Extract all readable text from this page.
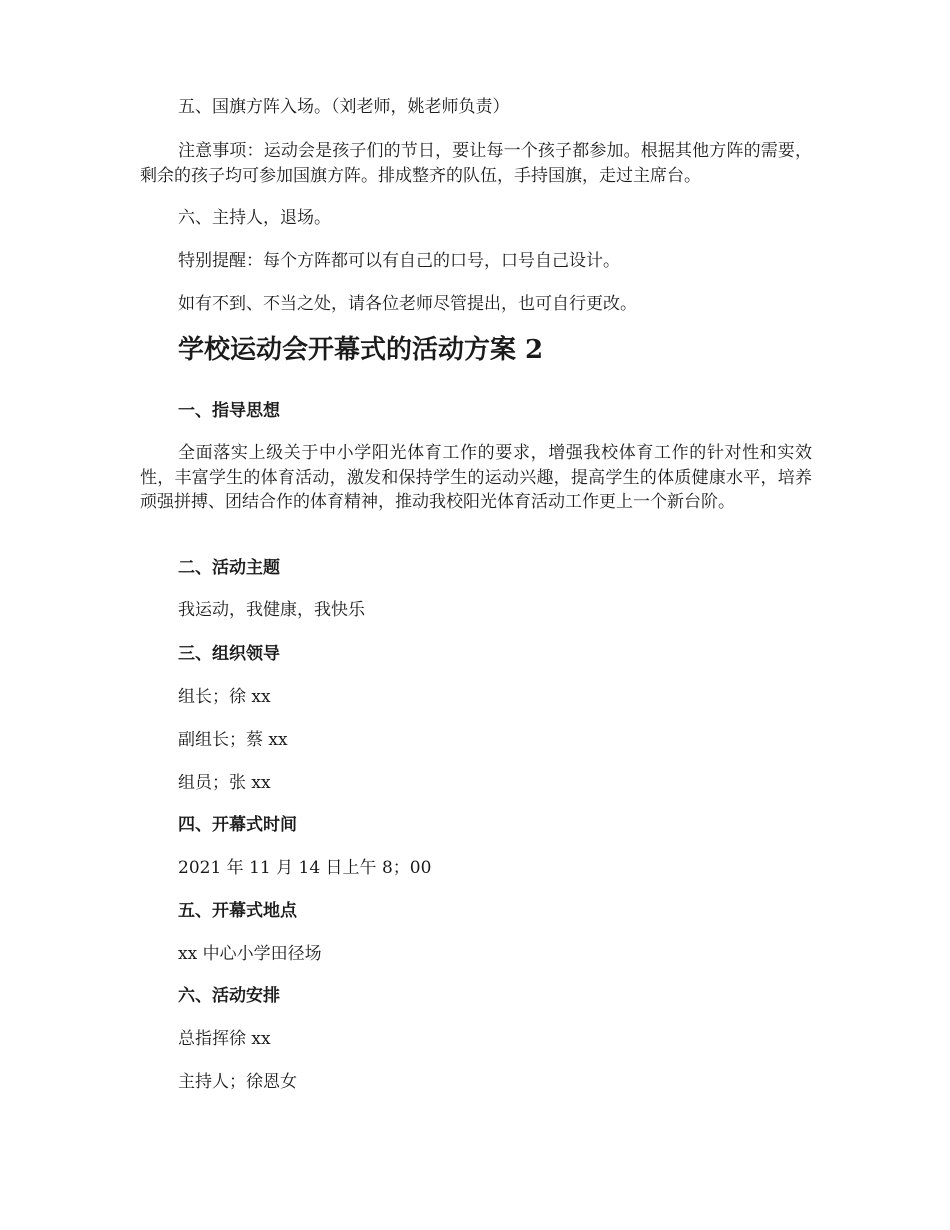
五、国旗方阵入场。（刘老师，姚老师负责）
注意事项：运动会是孩子们的节日，要让每一个孩子都参加。根据其他方阵的需要，剩余的孩子均可参加国旗方阵。排成整齐的队伍，手持国旗，走过主席台。
六、主持人，退场。
特别提醒：每个方阵都可以有自己的口号，口号自己设计。
如有不到、不当之处，请各位老师尽管提出，也可自行更改。
学校运动会开幕式的活动方案 2
一、指导思想
全面落实上级关于中小学阳光体育工作的要求，增强我校体育工作的针对性和实效性，丰富学生的体育活动，激发和保持学生的运动兴趣，提高学生的体质健康水平，培养顽强拼搏、团结合作的体育精神，推动我校阳光体育活动工作更上一个新台阶。
二、活动主题
我运动，我健康，我快乐
三、组织领导
组长；徐 xx
副组长；蔡 xx
组员；张 xx
四、开幕式时间
2021 年 11 月 14 日上午 8；00
五、开幕式地点
xx 中心小学田径场
六、活动安排
总指挥徐 xx
主持人；徐恩女
